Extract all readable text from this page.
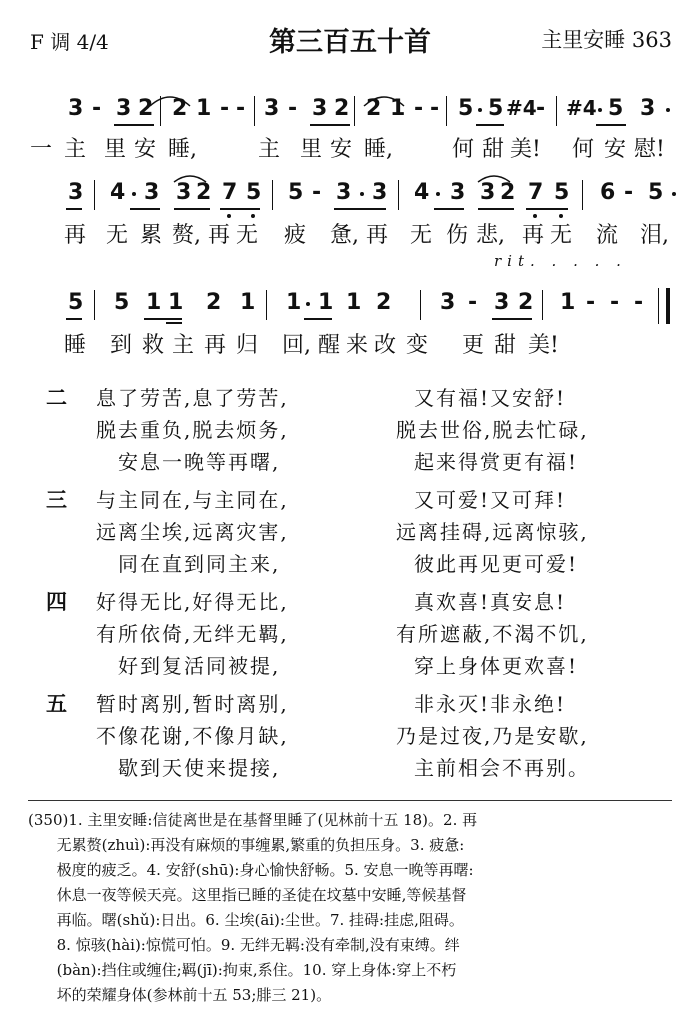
F 调 4/4	第三百五十首	主里安睡 363
3 - 3 2 2 1 - - 3 - 3 2 2 1 - - 5 5 #4 - #4 5 3
一 主 里 安 睡,	主 里 安 睡,	何 甜 美! 何 安 慰!
3 4 3 3 2 7 5 5 - 3 3 4 3 3 2 7 5 6 - 5
再 无 累 赘, 再 无 疲 惫, 再 无 伤 悲, 再 无 流 泪,
rit. . . . .
5 5 1 1 2 1 1 1 1 2 3 - 3 2 1 - - -
睡 到 救 主 再 归 回, 醒 来 改 变 更 甜 美!
二 息了劳苦,息了劳苦,	又有福!又安舒!
脱去重负,脱去烦务,	脱去世俗,脱去忙碌,
安息一晚等再曙,	起来得赏更有福!
三 与主同在,与主同在,	又可爱!又可拜!
远离尘埃,远离灾害,	远离挂碍,远离惊骇,
同在直到同主来,	彼此再见更可爱!
四 好得无比,好得无比,	真欢喜!真安息!
有所依倚,无绊无羁,	有所遮蔽,不渴不饥,
好到复活同被提,	穿上身体更欢喜!
五 暂时离别,暂时离别,	非永灭!非永绝!
不像花谢,不像月缺,	乃是过夜,乃是安歇,
歇到天使来提接,	主前相会不再别。
(350)1. 主里安睡:信徒离世是在基督里睡了(见林前十五 18)。2. 再
无累赘(zhuì):再没有麻烦的事缠累,繁重的负担压身。3. 疲惫:
极度的疲乏。4. 安舒(shū):身心愉快舒畅。5. 安息一晚等再曙:
休息一夜等候天亮。这里指已睡的圣徒在坟墓中安睡,等候基督
再临。曙(shǔ):日出。6. 尘埃(āi):尘世。7. 挂碍:挂虑,阻碍。
8. 惊骇(hài):惊慌可怕。9. 无绊无羁:没有牵制,没有束缚。绊
(bàn):挡住或缠住;羁(jī):拘束,系住。10. 穿上身体:穿上不朽
坏的荣耀身体(参林前十五 53;腓三 21)。
